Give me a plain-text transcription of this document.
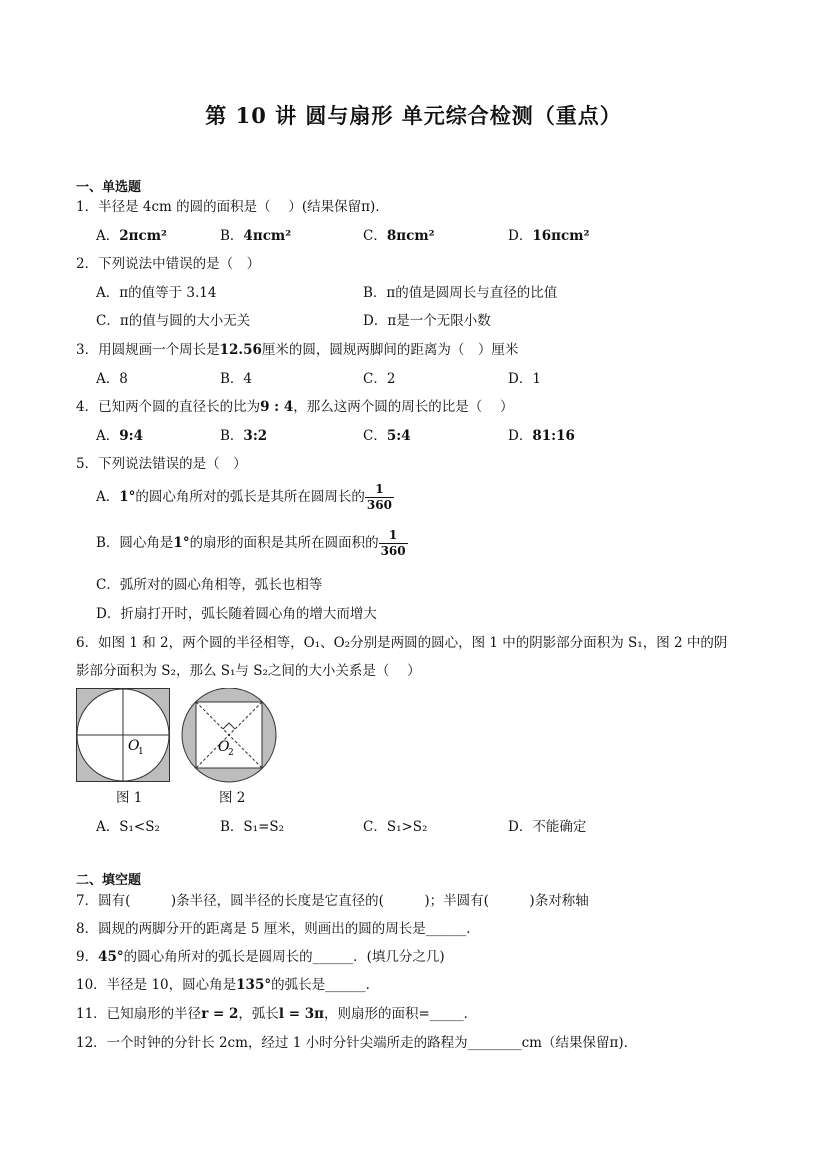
第 10 讲 圆与扇形 单元综合检测（重点）
一、单选题
1．半径是 4cm 的圆的面积是（　 ）(结果保留π)．
A．2πcm²	B．4πcm²	C．8πcm²	D．16πcm²
2．下列说法中错误的是（　）
A．π的值等于 3.14	B．π的值是圆周长与直径的比值
C．π的值与圆的大小无关	D．π是一个无限小数
3．用圆规画一个周长是12.56厘米的圆，圆规两脚间的距离为（　）厘米
A．8	B．4	C．2	D．1
4．已知两个圆的直径长的比为9 : 4，那么这两个圆的周长的比是（　 ）
A．9:4	B．3:2	C．5:4	D．81:16
5．下列说法错误的是（　）
A．1°的圆心角所对的弧长是其所在圆周长的 $\frac{1}{360}$
B．圆心角是1°的扇形的面积是其所在圆面积的 $\frac{1}{360}$
C．弧所对的圆心角相等，弧长也相等
D．折扇打开时，弧长随着圆心角的增大而增大
6．如图 1 和 2，两个圆的半径相等，O₁、O₂分别是两圆的圆心，图 1 中的阴影部分面积为 S₁，图 2 中的阴
影部分面积为 S₂，那么 S₁与 S₂之间的大小关系是（　 ）
O
1	O
2
图 1	图 2
A．S₁<S₂	B．S₁=S₂	C．S₁>S₂	D．不能确定
二、填空题
7．圆有(　　　)条半径，圆半径的长度是它直径的(　　　)；半圆有(　　　)条对称轴
8．圆规的两脚分开的距离是 5 厘米，则画出的圆的周长是______．
9．45°的圆心角所对的弧长是圆周长的______．(填几分之几)
10．半径是 10，圆心角是135°的弧长是______．
11．已知扇形的半径r = 2，弧长l = 3π，则扇形的面积=_____．
12．一个时钟的分针长 2cm，经过 1 小时分针尖端所走的路程为________cm（结果保留π)．
